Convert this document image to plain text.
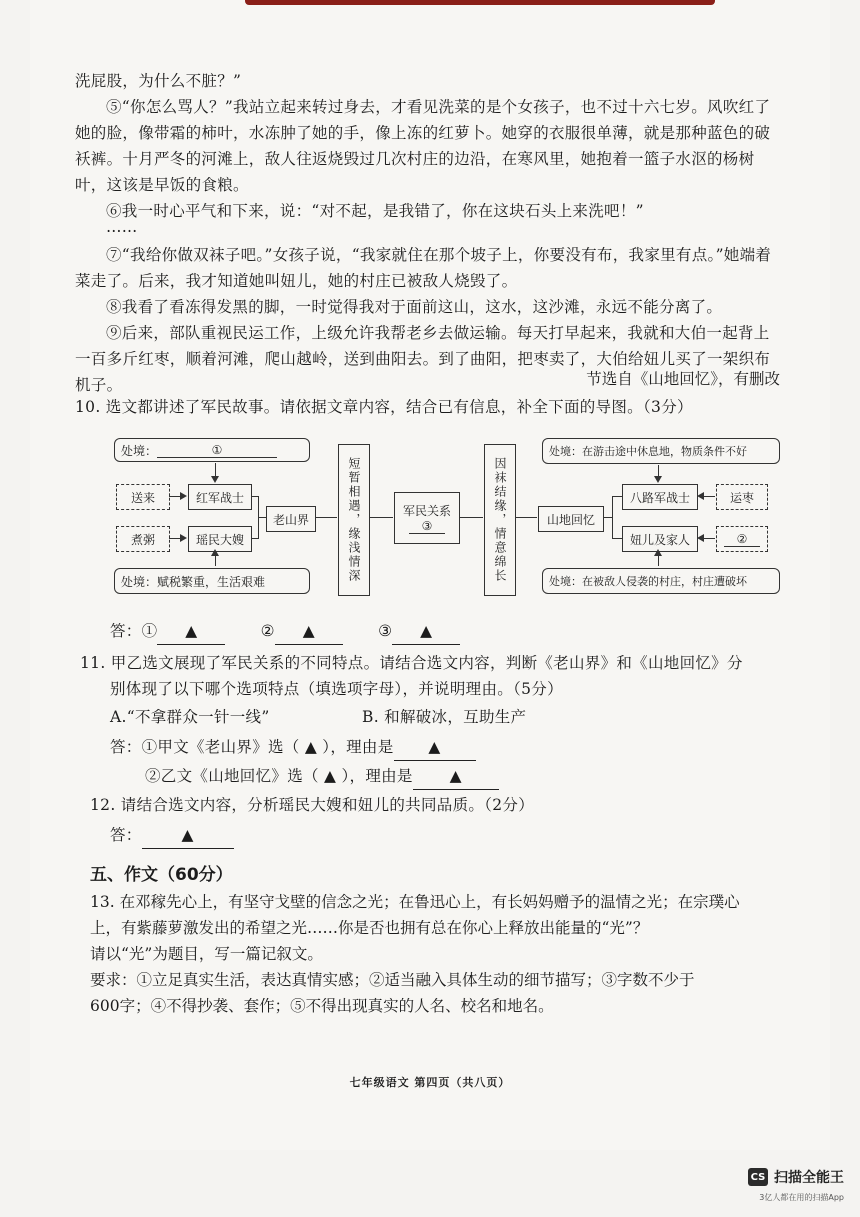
洗屁股，为什么不脏？”

⑤“你怎么骂人？”我站立起来转过身去，才看见洗菜的是个女孩子，也不过十六七岁。风吹红了她的脸，像带霜的柿叶，水冻肿了她的手，像上冻的红萝卜。她穿的衣服很单薄，就是那种蓝色的破袄裤。十月严冬的河滩上，敌人往返烧毁过几次村庄的边沿，在寒风里，她抱着一篮子水沤的杨树叶，这该是早饭的食粮。

⑥我一时心平气和下来，说：“对不起，是我错了，你在这块石头上来洗吧！”

……

⑦“我给你做双袜子吧。”女孩子说，“我家就住在那个坡子上，你要没有布，我家里有点。”她端着菜走了。后来，我才知道她叫妞儿，她的村庄已被敌人烧毁了。

⑧我看了看冻得发黑的脚，一时觉得我对于面前这山，这水，这沙滩，永远不能分离了。

⑨后来，部队重视民运工作，上级允许我帮老乡去做运输。每天打早起来，我就和大伯一起背上一百多斤红枣，顺着河滩，爬山越岭，送到曲阳去。到了曲阳，把枣卖了，大伯给妞儿买了一架织布机子。	节选自《山地回忆》，有删改
10. 选文都讲述了军民故事。请依据文章内容，结合已有信息，补全下面的导图。（3分）
处境：	①
送来	红军战士
煮粥	瑶民大嫂
处境：赋税繁重，生活艰难
老山界	短暂相遇，缘浅情深	军民关系
③	因袜结缘，情意绵长	山地回忆
处境：在游击途中休息地，物质条件不好
八路军战士	运枣
妞儿及家人	②
处境：在被敌人侵袭的村庄，村庄遭破坏
答：① ▲	② ▲	③ ▲
11. 甲乙选文展现了军民关系的不同特点。请结合选文内容，判断《老山界》和《山地回忆》分
别体现了以下哪个选项特点（填选项字母），并说明理由。（5分）
A.“不拿群众一针一线”	B. 和解破冰，互助生产
答：①甲文《老山界》选（ ▲ ），理由是 ▲
②乙文《山地回忆》选（ ▲ ），理由是 ▲
12. 请结合选文内容，分析瑶民大嫂和妞儿的共同品质。（2分）
答：	▲
五、作文（60分）
13. 在邓稼先心上，有坚守戈壁的信念之光；在鲁迅心上，有长妈妈赠予的温情之光；在宗璞心
上，有紫藤萝激发出的希望之光……你是否也拥有总在你心上释放出能量的“光”？
请以“光”为题目，写一篇记叙文。
要求：①立足真实生活，表达真情实感；②适当融入具体生动的细节描写；③字数不少于
600字；④不得抄袭、套作；⑤不得出现真实的人名、校名和地名。
七年级语文 第四页（共八页）
CS 扫描全能王
3亿人都在用的扫描App
